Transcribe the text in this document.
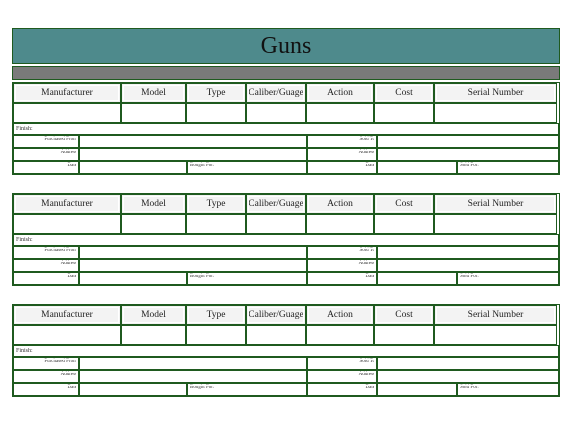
Guns
Manufacturer	Model	Type	Caliber/Guage	Action	Cost	Serial Number
Finish:
Purchased From	Sold To
Address	Address
Date	Bought For:	Date	Sold For:
Manufacturer	Model	Type	Caliber/Guage	Action	Cost	Serial Number
Finish:
Purchased From	Sold To
Address	Address
Date	Bought For:	Date	Sold For:
Manufacturer	Model	Type	Caliber/Guage	Action	Cost	Serial Number
Finish:
Purchased From	Sold To
Address	Address
Date	Bought For:	Date	Sold For:
